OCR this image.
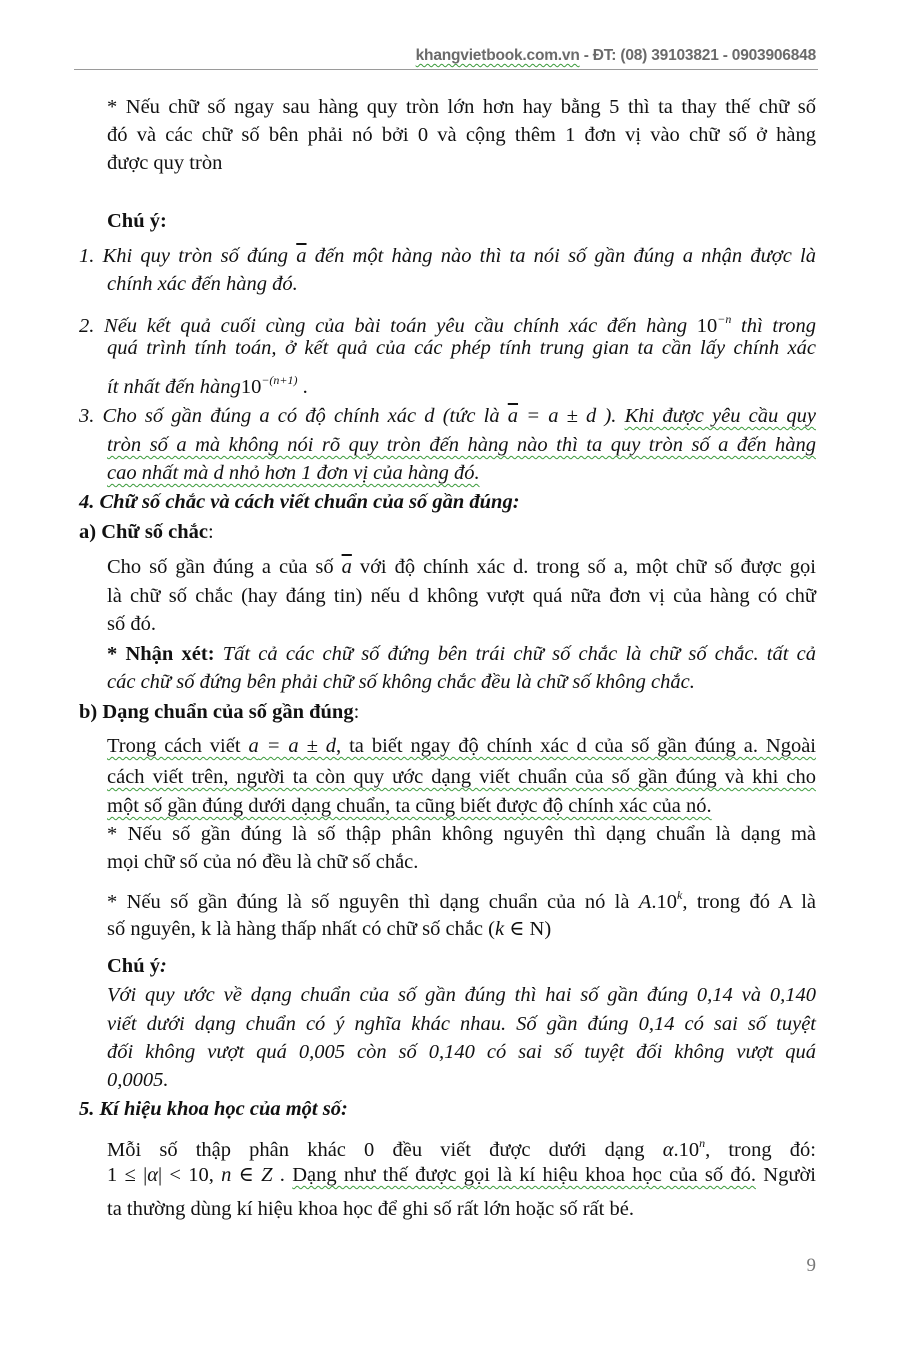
khangvietbook.com.vn - ĐT: (08) 39103821 - 0903906848
* Nếu chữ số ngay sau hàng quy tròn lớn hơn hay bằng 5 thì ta thay thế chữ số
đó và các chữ số bên phải nó bởi 0 và cộng thêm 1 đơn vị vào chữ số ở hàng
được quy tròn
Chú ý:
1. Khi quy tròn số đúng $\overline{a}$ đến một hàng nào thì ta nói số gần đúng a nhận được là
chính xác đến hàng đó.
2. Nếu kết quả cuối cùng của bài toán yêu cầu chính xác đến hàng $10^{-n}$ thì trong
quá trình tính toán, ở kết quả của các phép tính trung gian ta cần lấy chính xác
ít nhất đến $hàng10^{-(n+1)}$ .
3. Cho số gần đúng a có độ chính xác d (tức là $\overline{a} = a \pm d$ ). Khi được yêu cầu quy
tròn số a mà không nói rõ quy tròn đến hàng nào thì ta quy tròn số a đến hàng
cao nhất mà d nhỏ hơn 1 đơn vị của hàng đó.
4. Chữ số chắc và cách viết chuẩn của số gần đúng:
a) Chữ số chắc:
Cho số gần đúng a của số $\overline{a}$ với độ chính xác d. trong số a, một chữ số được gọi
là chữ số chắc (hay đáng tin) nếu d không vượt quá nữa đơn vị của hàng có chữ
số đó.
* Nhận xét: Tất cả các chữ số đứng bên trái chữ số chắc là chữ số chắc. tất cả
các chữ số đứng bên phải chữ số không chắc đều là chữ số không chắc.
b) Dạng chuẩn của số gần đúng:
Trong cách viết a = a ± d, ta biết ngay độ chính xác d của số gần đúng a. Ngoài
cách viết trên, người ta còn quy ước dạng viết chuẩn của số gần đúng và khi cho
một số gần đúng dưới dạng chuẩn, ta cũng biết được độ chính xác của nó.
* Nếu số gần đúng là số thập phân không nguyên thì dạng chuẩn là dạng mà
mọi chữ số của nó đều là chữ số chắc.
* Nếu số gần đúng là số nguyên thì dạng chuẩn của nó là A.10$^k$, trong đó A là
số nguyên, k là hàng thấp nhất có chữ số chắc (k ∈ N)
Chú ý:
Với quy ước về dạng chuẩn của số gần đúng thì hai số gần đúng 0,14 và 0,140
viết dưới dạng chuẩn có ý nghĩa khác nhau. Số gần đúng 0,14 có sai số tuyệt
đối không vượt quá 0,005 còn số 0,140 có sai số tuyệt đối không vượt quá
0,0005.
5. Kí hiệu khoa học của một số:
Mỗi số thập phân khác 0 đều viết được dưới dạng α.10$^n$, trong đó:
1 ≤ |α| < 10, n ∈ Z . Dạng như thế được gọi là kí hiệu khoa học của số đó. Người
ta thường dùng kí hiệu khoa học để ghi số rất lớn hoặc số rất bé.
9
